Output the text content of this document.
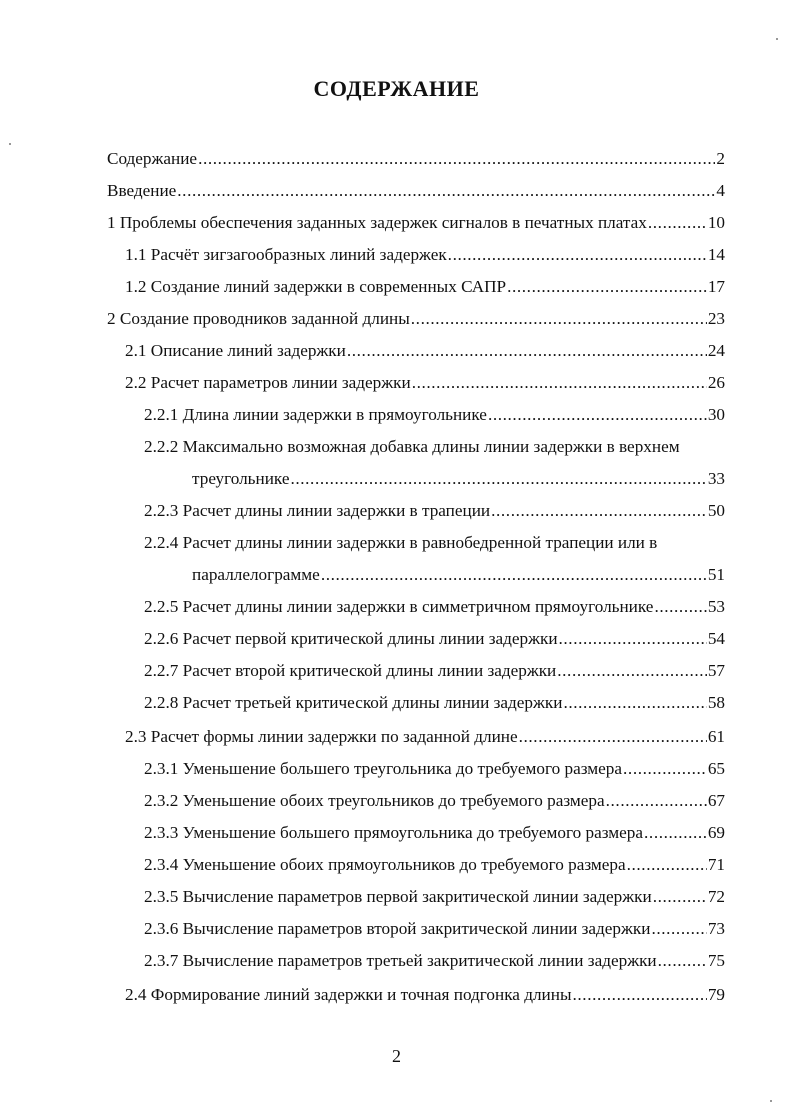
СОДЕРЖАНИЕ
Содержание .....	2
Введение .....	4
1 Проблемы обеспечения заданных задержек сигналов в печатных платах .....	10
1.1 Расчёт зигзагообразных линий задержек .....	14
1.2 Создание линий задержки в современных САПР .....	17
2 Создание проводников заданной длины .....	23
2.1 Описание линий задержки .....	24
2.2 Расчет параметров линии задержки .....	26
2.2.1 Длина линии задержки в прямоугольнике .....	30
2.2.2 Максимально возможная добавка длины линии задержки в верхнем
треугольнике .....	33
2.2.3 Расчет длины линии задержки в трапеции .....	50
2.2.4 Расчет длины линии задержки в равнобедренной трапеции или в
параллелограмме .....	51
2.2.5 Расчет длины линии задержки в симметричном прямоугольнике .....	53
2.2.6 Расчет первой критической длины линии задержки .....	54
2.2.7 Расчет второй критической длины линии задержки .....	57
2.2.8 Расчет третьей критической длины линии задержки .....	58
2.3 Расчет формы линии задержки по заданной длине .....	61
2.3.1 Уменьшение большего треугольника до требуемого размера .....	65
2.3.2 Уменьшение обоих треугольников до требуемого размера .....	67
2.3.3 Уменьшение большего прямоугольника до требуемого размера .....	69
2.3.4 Уменьшение обоих прямоугольников до требуемого размера .....	71
2.3.5 Вычисление параметров первой закритической линии задержки .....	72
2.3.6 Вычисление параметров второй закритической линии задержки .....	73
2.3.7 Вычисление параметров третьей закритической линии задержки .....	75
2.4 Формирование линий задержки и точная подгонка длины .....	79
2
